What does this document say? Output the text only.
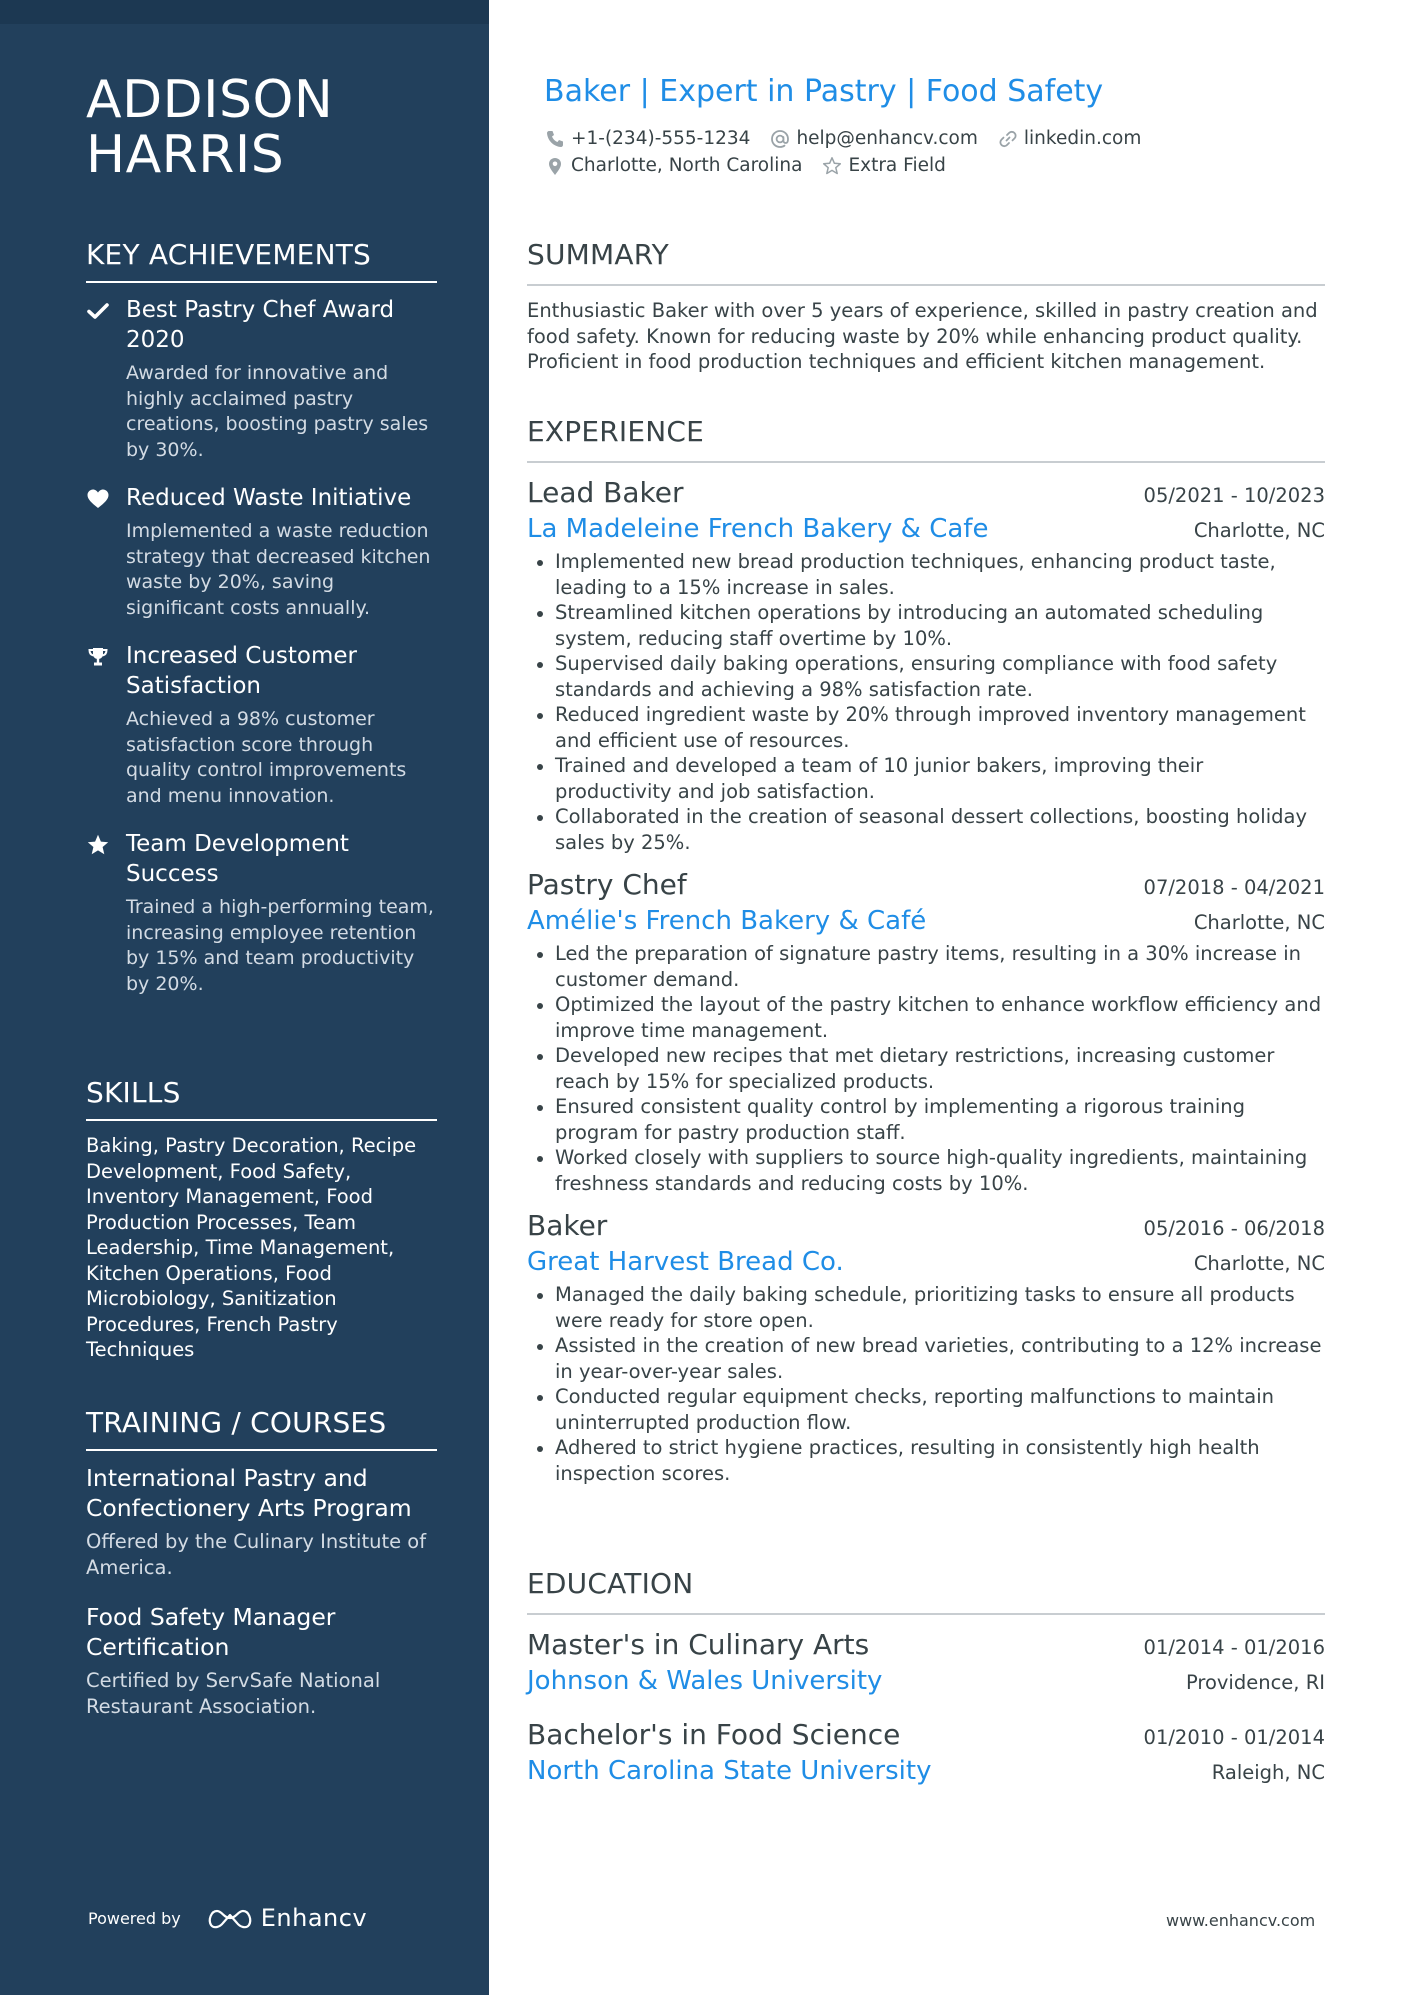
ADDISON HARRIS
KEY ACHIEVEMENTS
Best Pastry Chef Award 2020
Awarded for innovative and highly acclaimed pastry creations, boosting pastry sales by 30%.
Reduced Waste Initiative
Implemented a waste reduction strategy that decreased kitchen waste by 20%, saving significant costs annually.
Increased Customer Satisfaction
Achieved a 98% customer satisfaction score through quality control improvements and menu innovation.
Team Development Success
Trained a high-performing team, increasing employee retention by 15% and team productivity by 20%.
SKILLS
Baking, Pastry Decoration, Recipe Development, Food Safety, Inventory Management, Food Production Processes, Team Leadership, Time Management, Kitchen Operations, Food Microbiology, Sanitization Procedures, French Pastry Techniques
TRAINING / COURSES
International Pastry and Confectionery Arts Program
Offered by the Culinary Institute of America.
Food Safety Manager Certification
Certified by ServSafe National Restaurant Association.
Powered by	Enhancv
Baker | Expert in Pastry | Food Safety
+1-(234)-555-1234 help@enhancv.com linkedin.com
Charlotte, North Carolina Extra Field
SUMMARY
Enthusiastic Baker with over 5 years of experience, skilled in pastry creation and food safety. Known for reducing waste by 20% while enhancing product quality. Proficient in food production techniques and efficient kitchen management.
EXPERIENCE
Lead Baker	05/2021 - 10/2023
La Madeleine French Bakery & Cafe	Charlotte, NC
Implemented new bread production techniques, enhancing product taste, leading to a 15% increase in sales.
Streamlined kitchen operations by introducing an automated scheduling system, reducing staff overtime by 10%.
Supervised daily baking operations, ensuring compliance with food safety standards and achieving a 98% satisfaction rate.
Reduced ingredient waste by 20% through improved inventory management and efficient use of resources.
Trained and developed a team of 10 junior bakers, improving their productivity and job satisfaction.
Collaborated in the creation of seasonal dessert collections, boosting holiday sales by 25%.
Pastry Chef	07/2018 - 04/2021
Amélie's French Bakery & Café	Charlotte, NC
Led the preparation of signature pastry items, resulting in a 30% increase in customer demand.
Optimized the layout of the pastry kitchen to enhance workflow efficiency and improve time management.
Developed new recipes that met dietary restrictions, increasing customer reach by 15% for specialized products.
Ensured consistent quality control by implementing a rigorous training program for pastry production staff.
Worked closely with suppliers to source high-quality ingredients, maintaining freshness standards and reducing costs by 10%.
Baker	05/2016 - 06/2018
Great Harvest Bread Co.	Charlotte, NC
Managed the daily baking schedule, prioritizing tasks to ensure all products were ready for store open.
Assisted in the creation of new bread varieties, contributing to a 12% increase in year-over-year sales.
Conducted regular equipment checks, reporting malfunctions to maintain uninterrupted production flow.
Adhered to strict hygiene practices, resulting in consistently high health inspection scores.
EDUCATION
Master's in Culinary Arts	01/2014 - 01/2016
Johnson & Wales University	Providence, RI
Bachelor's in Food Science	01/2010 - 01/2014
North Carolina State University	Raleigh, NC
www.enhancv.com
